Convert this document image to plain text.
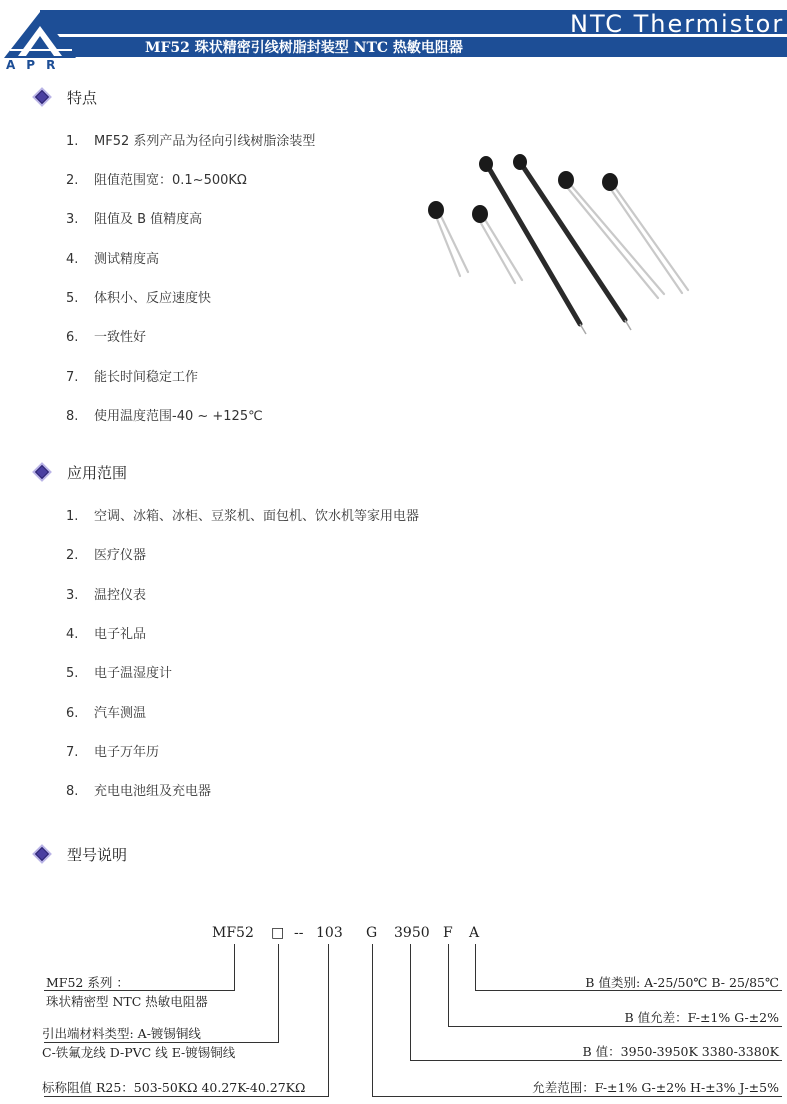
NTC Thermistor
MF52 珠状精密引线树脂封装型 NTC 热敏电阻器
APR
特点
1. MF52 系列产品为径向引线树脂涂装型
2. 阻值范围宽：0.1~500KΩ
3. 阻值及 B 值精度高
4. 测试精度高
5. 体积小、反应速度快
6. 一致性好
7. 能长时间稳定工作
8. 使用温度范围-40 ~ +125℃
应用范围
1. 空调、冰箱、冰柜、豆浆机、面包机、饮水机等家用电器
2. 医疗仪器
3. 温控仪表
4. 电子礼品
5. 电子温湿度计
6. 汽车测温
7. 电子万年历
8. 充电电池组及充电器
型号说明
MF52 □ -- 103 G 3950 F A
MF52 系列 ：
珠状精密型 NTC 热敏电阻器
引出端材料类型: A-镀锡铜线
C-铁氟龙线 D-PVC 线 E-镀锡铜线
标称阻值 R25：503-50KΩ 40.27K-40.27KΩ
B 值类别: A-25/50℃ B- 25/85℃
B 值允差：F-±1% G-±2%
B 值：3950-3950K 3380-3380K
允差范围：F-±1% G-±2% H-±3% J-±5%
